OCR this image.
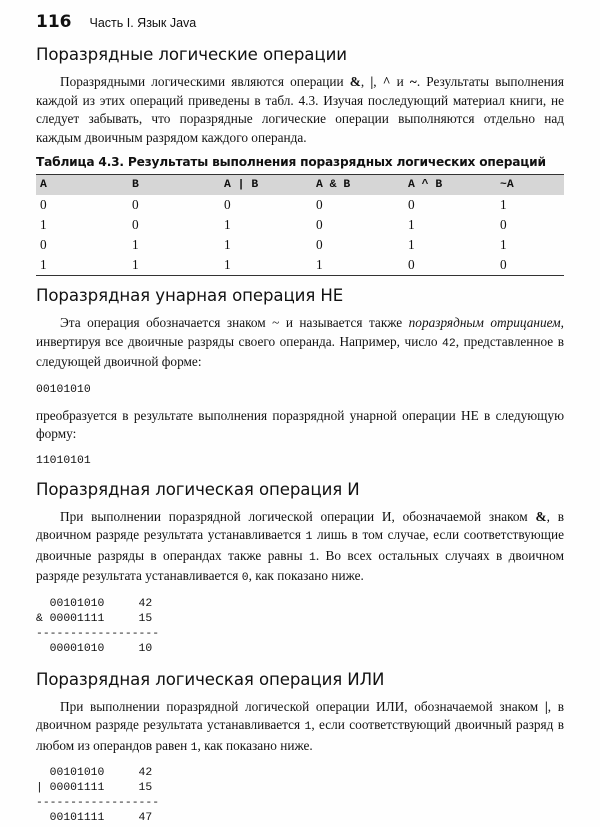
116 Часть I. Язык Java
Поразрядные логические операции

Поразрядными логическими являются операции &, |, ^ и ~. Результаты выполнения каждой из этих операций приведены в табл. 4.3. Изучая последующий материал книги, не следует забывать, что поразрядные логические операции выполняются отдельно над каждым двоичным разрядом каждого операнда.

Таблица 4.3. Результаты выполнения поразрядных логических операций
A	B	A | B	A & B	A ^ B	~A
0	0	0	0	0	1
1	0	1	0	1	0
0	1	1	0	1	1
1	1	1	1	0	0
Поразрядная унарная операция НЕ

Эта операция обозначается знаком ~ и называется также поразрядным отрицанием, инвертируя все двоичные разряды своего операнда. Например, число 42, представленное в следующей двоичной форме:

00101010

преобразуется в результате выполнения поразрядной унарной операции НЕ в следующую форму:

11010101
Поразрядная логическая операция И

При выполнении поразрядной логической операции И, обозначаемой знаком &, в двоичном разряде результата устанавливается 1 лишь в том случае, если соответствующие двоичные разряды в операндах также равны 1. Во всех остальных случаях в двоичном разряде результата устанавливается 0, как показано ниже.

00101010     42
& 00001111     15
------------------
00001010     10
Поразрядная логическая операция ИЛИ

При выполнении поразрядной логической операции ИЛИ, обозначаемой знаком |, в двоичном разряде результата устанавливается 1, если соответствующий двоичный разряд в любом из операндов равен 1, как показано ниже.

00101010     42
| 00001111     15
------------------
00101111     47
